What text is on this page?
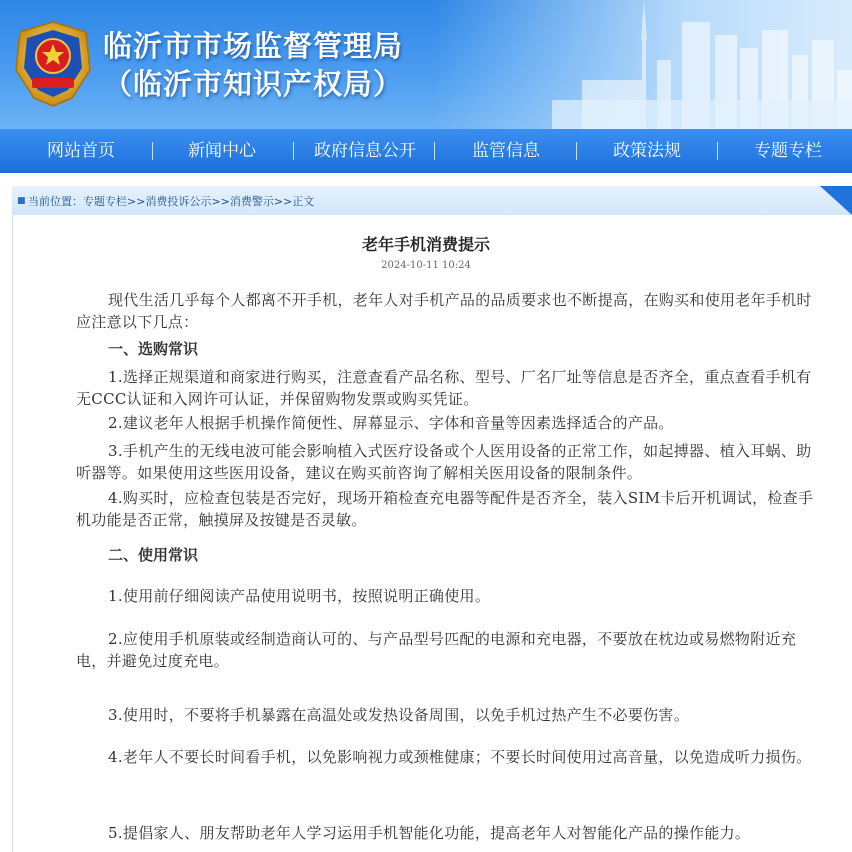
临沂市市场监督管理局
（临沂市知识产权局）
网站首页	新闻中心	政府信息公开	监管信息	政策法规	专题专栏
■ 当前位置：专题专栏>>消费投诉公示>>消费警示>>正文
老年手机消费提示
2024-10-11 10:24
现代生活几乎每个人都离不开手机，老年人对手机产品的品质要求也不断提高，在购买和使用老年手机时应注意以下几点：
一、选购常识
1.选择正规渠道和商家进行购买，注意查看产品名称、型号、厂名厂址等信息是否齐全，重点查看手机有无CCC认证和入网许可认证，并保留购物发票或购买凭证。
2.建议老年人根据手机操作简便性、屏幕显示、字体和音量等因素选择适合的产品。
3.手机产生的无线电波可能会影响植入式医疗设备或个人医用设备的正常工作，如起搏器、植入耳蜗、助听器等。如果使用这些医用设备，建议在购买前咨询了解相关医用设备的限制条件。
4.购买时，应检查包装是否完好，现场开箱检查充电器等配件是否齐全，装入SIM卡后开机调试，检查手机功能是否正常，触摸屏及按键是否灵敏。
二、使用常识
1.使用前仔细阅读产品使用说明书，按照说明正确使用。
2.应使用手机原装或经制造商认可的、与产品型号匹配的电源和充电器，不要放在枕边或易燃物附近充电，并避免过度充电。
3.使用时，不要将手机暴露在高温处或发热设备周围，以免手机过热产生不必要伤害。
4.老年人不要长时间看手机，以免影响视力或颈椎健康；不要长时间使用过高音量，以免造成听力损伤。
5.提倡家人、朋友帮助老年人学习运用手机智能化功能，提高老年人对智能化产品的操作能力。
